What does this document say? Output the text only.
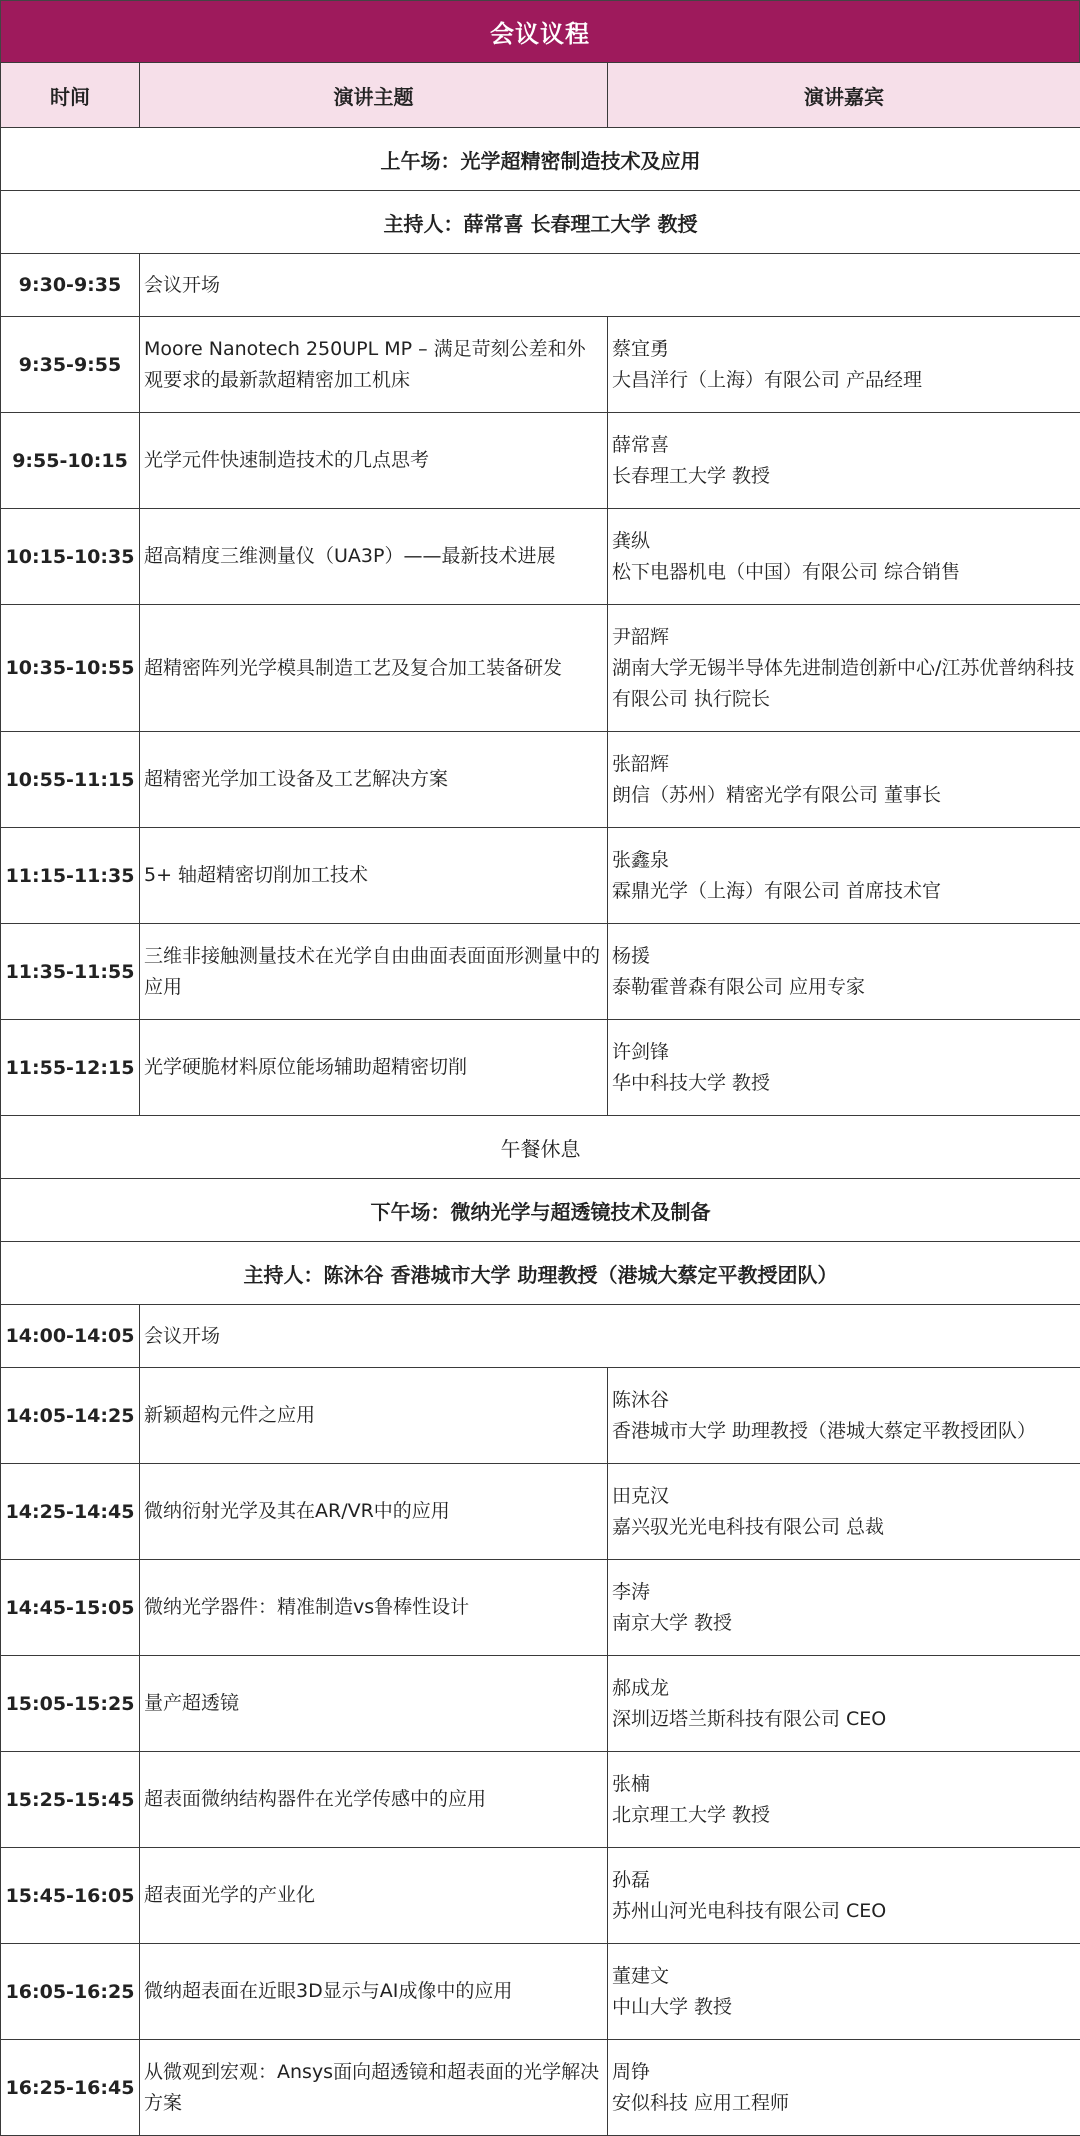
会议议程
时间	演讲主题	演讲嘉宾
上午场：光学超精密制造技术及应用		
主持人：薛常喜 长春理工大学 教授		
9:30-9:35	会议开场	
9:35-9:55	Moore Nanotech 250UPL MP – 满足苛刻公差和外观要求的最新款超精密加工机床	蔡宜勇
大昌洋行（上海）有限公司 产品经理

9:55-10:15	光学元件快速制造技术的几点思考	薛常喜
长春理工大学 教授

10:15-10:35	超高精度三维测量仪（UA3P）——最新技术进展	龚纵
松下电器机电（中国）有限公司 综合销售

10:35-10:55	超精密阵列光学模具制造工艺及复合加工装备研发	尹韶辉
湖南大学无锡半导体先进制造创新中心/江苏优普纳科技有限公司 执行院长

10:55-11:15	超精密光学加工设备及工艺解决方案	张韶辉
朗信（苏州）精密光学有限公司 董事长

11:15-11:35	5+ 轴超精密切削加工技术	张鑫泉
霖鼎光学（上海）有限公司 首席技术官

11:35-11:55	三维非接触测量技术在光学自由曲面表面面形测量中的应用	杨援
泰勒霍普森有限公司 应用专家

11:55-12:15	光学硬脆材料原位能场辅助超精密切削	许剑锋
华中科技大学 教授

午餐休息		
下午场：微纳光学与超透镜技术及制备		
主持人：陈沐谷 香港城市大学 助理教授（港城大蔡定平教授团队）		
14:00-14:05	会议开场	
14:05-14:25	新颖超构元件之应用	陈沐谷
香港城市大学 助理教授（港城大蔡定平教授团队）

14:25-14:45	微纳衍射光学及其在AR/VR中的应用	田克汉
嘉兴驭光光电科技有限公司 总裁

14:45-15:05	微纳光学器件：精准制造vs鲁棒性设计	李涛
南京大学 教授

15:05-15:25	量产超透镜	郝成龙
深圳迈塔兰斯科技有限公司 CEO

15:25-15:45	超表面微纳结构器件在光学传感中的应用	张楠
北京理工大学 教授

15:45-16:05	超表面光学的产业化	孙磊
苏州山河光电科技有限公司 CEO

16:05-16:25	微纳超表面在近眼3D显示与AI成像中的应用	董建文
中山大学 教授

16:25-16:45	从微观到宏观：Ansys面向超透镜和超表面的光学解决方案	周铮
安似科技 应用工程师
